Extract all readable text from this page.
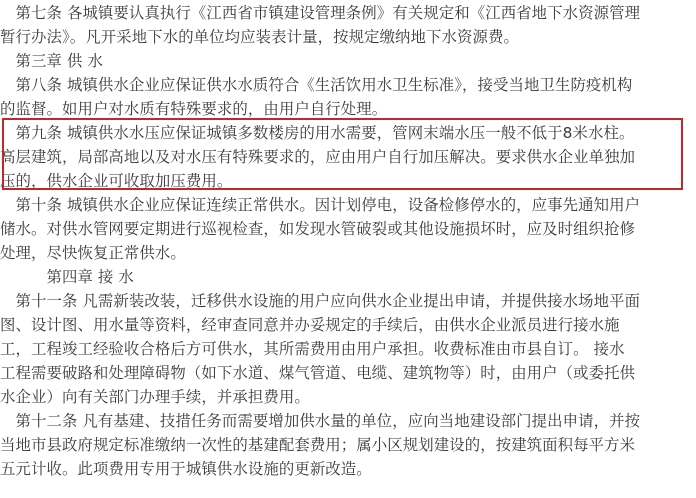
　第七条 各城镇要认真执行《江西省市镇建设管理条例》有关规定和《江西省地下水资源管理
暂行办法》。凡开采地下水的单位均应装表计量，按规定缴纳地下水资源费。
　第三章 供 水
　第八条 城镇供水企业应保证供水水质符合《生活饮用水卫生标准》，接受当地卫生防疫机构
的监督。如用户对水质有特殊要求的，由用户自行处理。
　第九条 城镇供水水压应保证城镇多数楼房的用水需要，管网末端水压一般不低于8米水柱。
高层建筑，局部高地以及对水压有特殊要求的，应由用户自行加压解决。要求供水企业单独加
压的，供水企业可收取加压费用。
　第十条 城镇供水企业应保证连续正常供水。因计划停电，设备检修停水的，应事先通知用户
储水。对供水管网要定期进行巡视检查，如发现水管破裂或其他设施损坏时，应及时组织抢修
处理，尽快恢复正常供水。
　　　第四章 接 水
　第十一条 凡需新装改装，迁移供水设施的用户应向供水企业提出申请，并提供接水场地平面
图、设计图、用水量等资料，经审查同意并办妥规定的手续后，由供水企业派员进行接水施
工，工程竣工经验收合格后方可供水，其所需费用由用户承担。收费标准由市县自订。 接水
工程需要破路和处理障碍物（如下水道、煤气管道、电缆、建筑物等）时，由用户（或委托供
水企业）向有关部门办理手续，并承担费用。
　第十二条 凡有基建、技措任务而需要增加供水量的单位，应向当地建设部门提出申请，并按
当地市县政府规定标准缴纳一次性的基建配套费用；属小区规划建设的，按建筑面积每平方米
五元计收。此项费用专用于城镇供水设施的更新改造。
